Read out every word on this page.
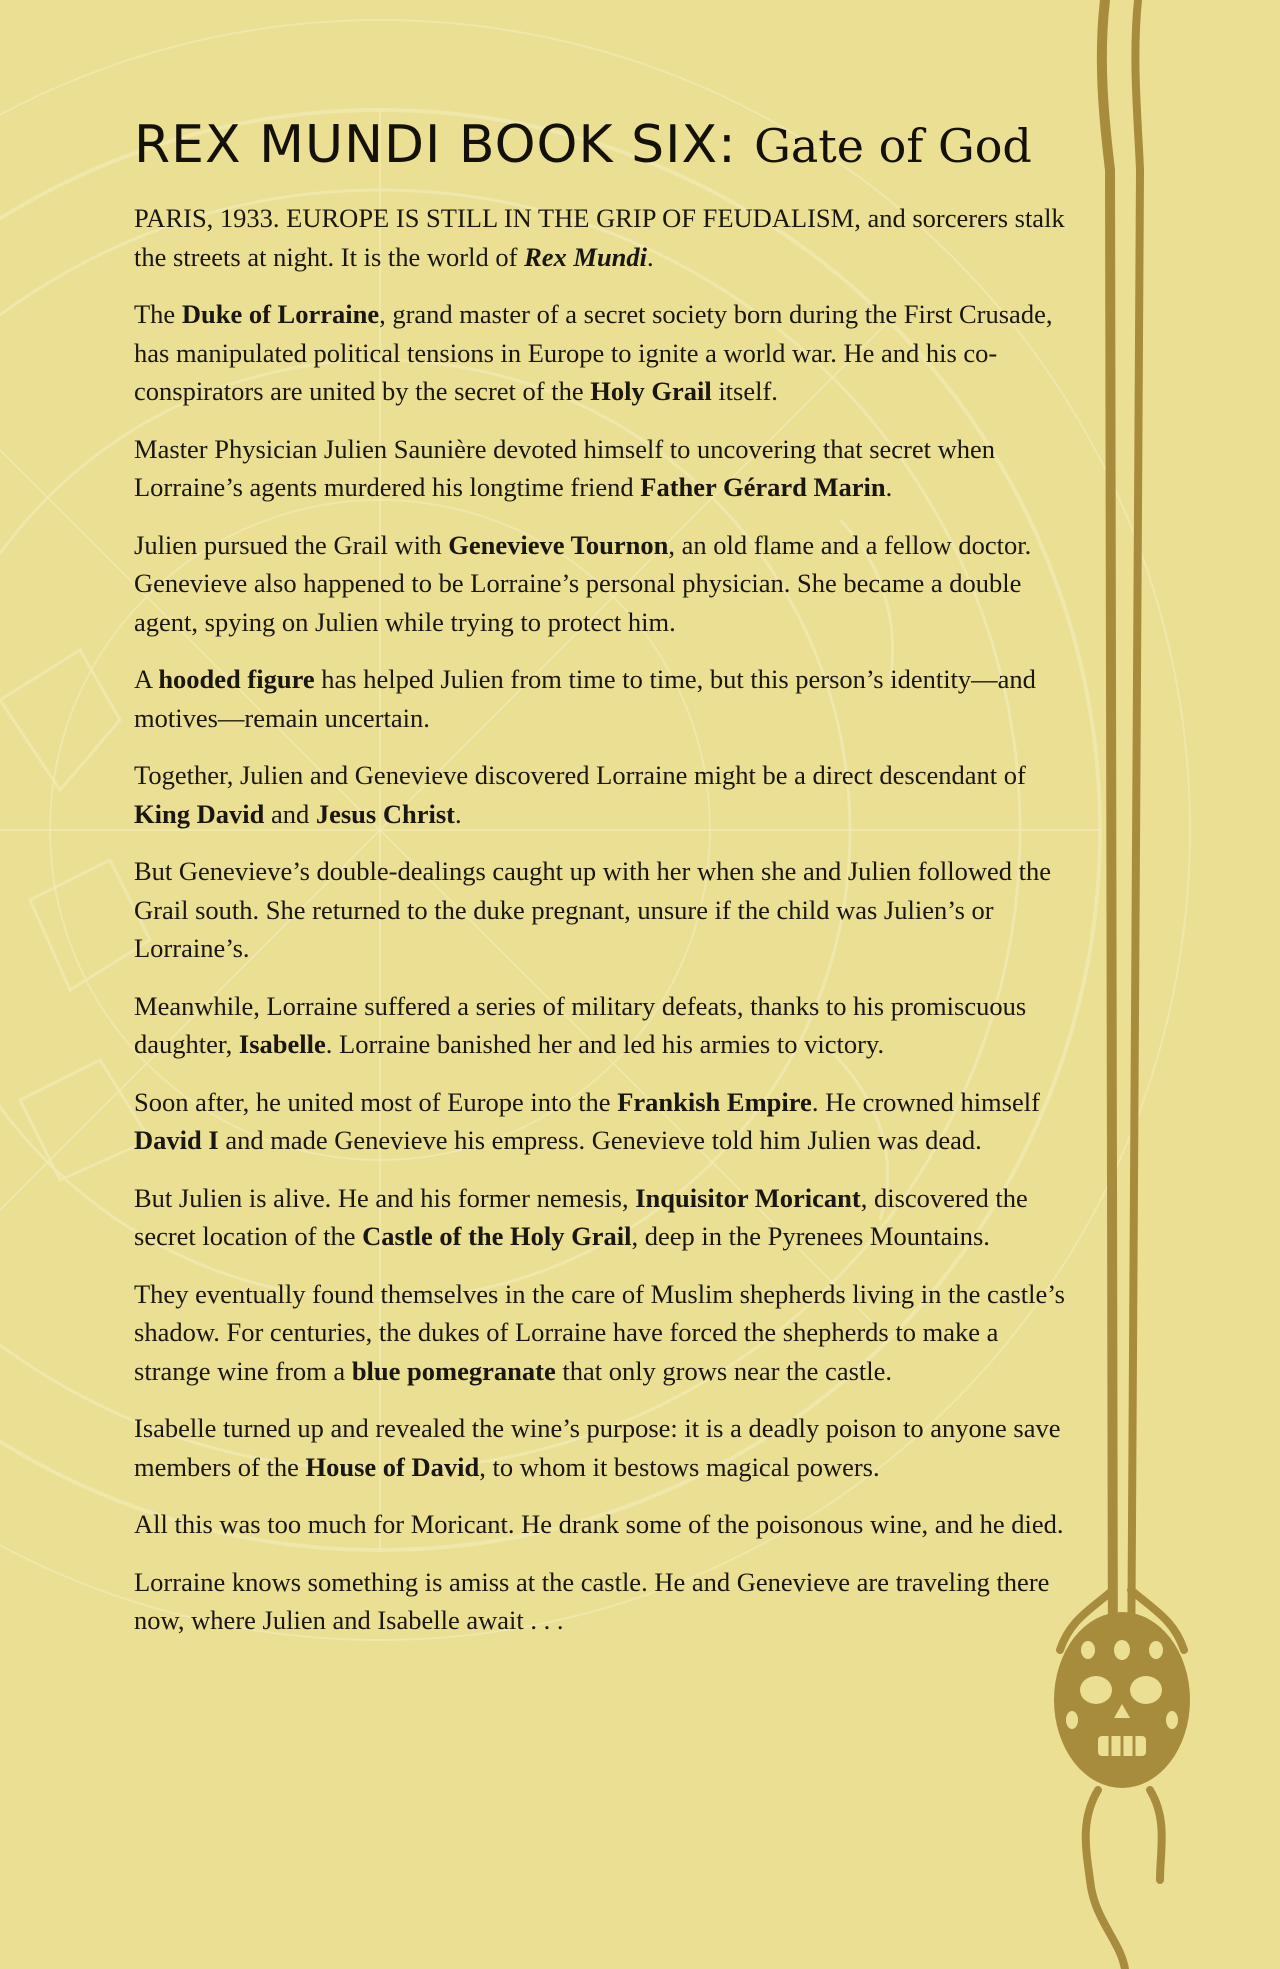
REX MUNDI BOOK SIX: Gate of God

PARIS, 1933. EUROPE IS STILL IN THE GRIP OF FEUDALISM, and sorcerers stalk the streets at night. It is the world of Rex Mundi.

The Duke of Lorraine, grand master of a secret society born during the First Crusade, has manipulated political tensions in Europe to ignite a world war. He and his co-conspirators are united by the secret of the Holy Grail itself.

Master Physician Julien Saunière devoted himself to uncovering that secret when Lorraine’s agents murdered his longtime friend Father Gérard Marin.

Julien pursued the Grail with Genevieve Tournon, an old flame and a fellow doctor. Genevieve also happened to be Lorraine’s personal physician. She became a double agent, spying on Julien while trying to protect him.

A hooded figure has helped Julien from time to time, but this person’s identity—and motives—remain uncertain.

Together, Julien and Genevieve discovered Lorraine might be a direct descendant of King David and Jesus Christ.

But Genevieve’s double-dealings caught up with her when she and Julien followed the Grail south. She returned to the duke pregnant, unsure if the child was Julien’s or Lorraine’s.

Meanwhile, Lorraine suffered a series of military defeats, thanks to his promiscuous daughter, Isabelle. Lorraine banished her and led his armies to victory.

Soon after, he united most of Europe into the Frankish Empire. He crowned himself David I and made Genevieve his empress. Genevieve told him Julien was dead.

But Julien is alive. He and his former nemesis, Inquisitor Moricant, discovered the secret location of the Castle of the Holy Grail, deep in the Pyrenees Mountains.

They eventually found themselves in the care of Muslim shepherds living in the castle’s shadow. For centuries, the dukes of Lorraine have forced the shepherds to make a strange wine from a blue pomegranate that only grows near the castle.

Isabelle turned up and revealed the wine’s purpose: it is a deadly poison to anyone save members of the House of David, to whom it bestows magical powers.

All this was too much for Moricant. He drank some of the poisonous wine, and he died.

Lorraine knows something is amiss at the castle. He and Genevieve are traveling there now, where Julien and Isabelle await . . .
